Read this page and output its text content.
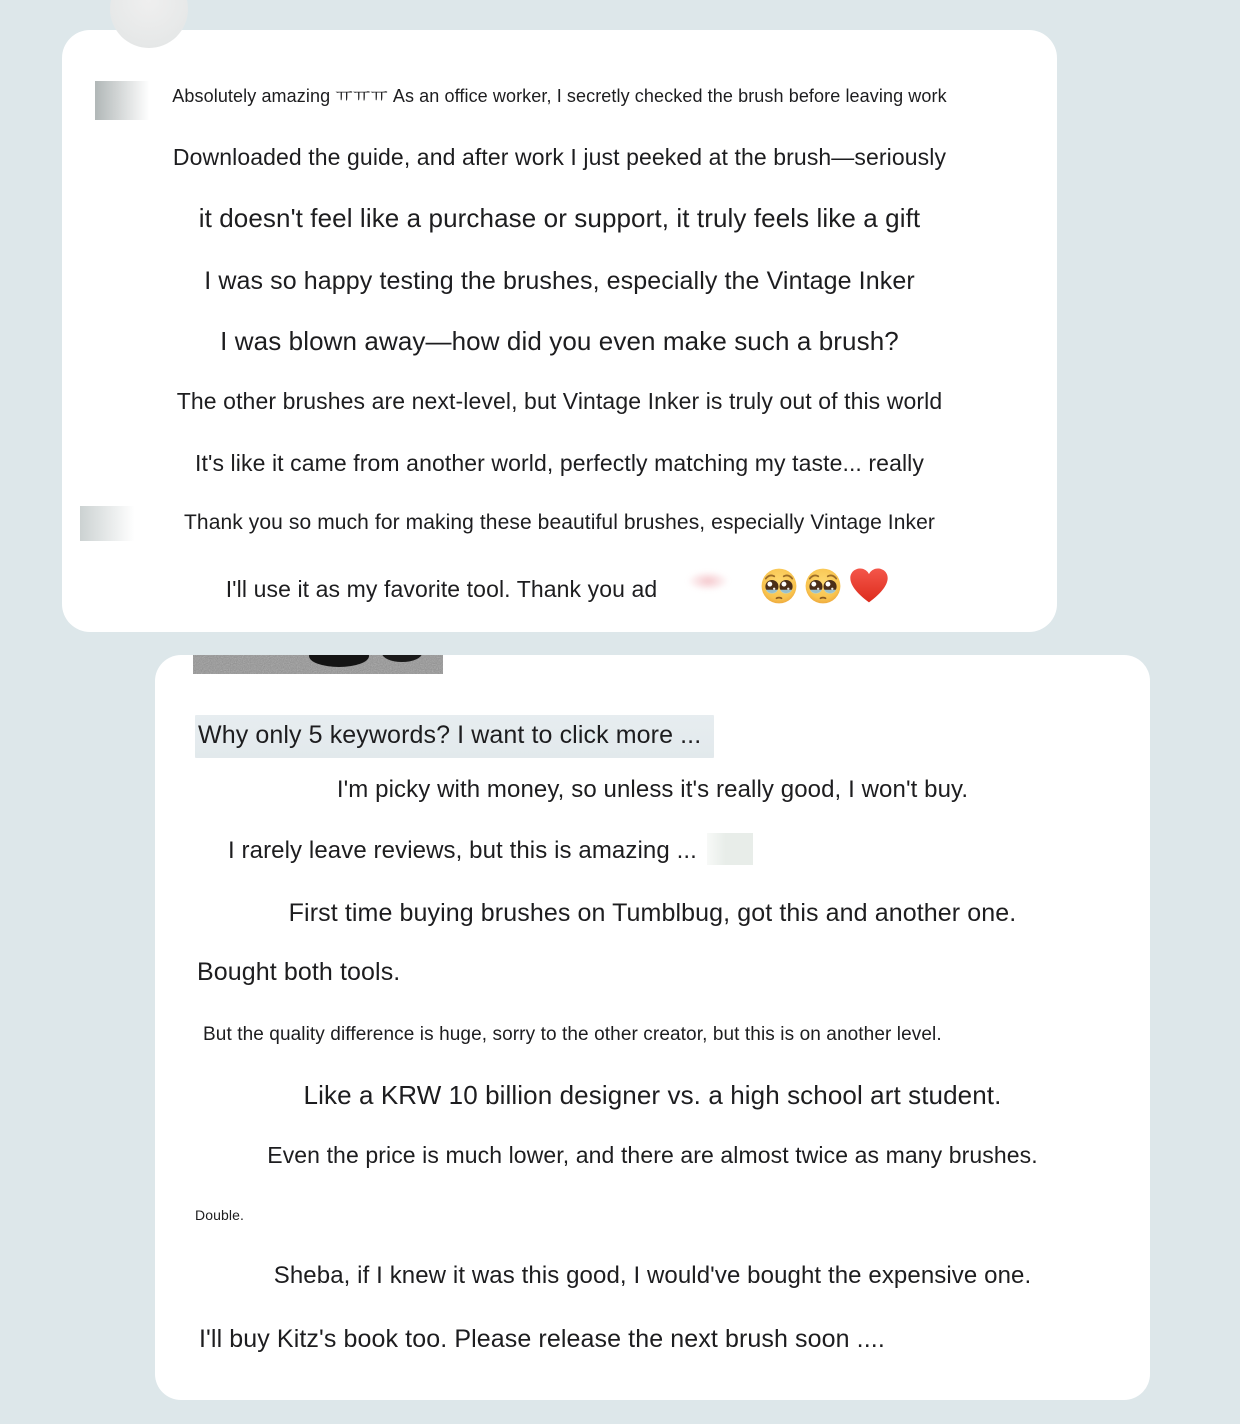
Absolutely amazing ㅠㅠㅠ As an office worker, I secretly checked the brush before leaving work
Downloaded the guide, and after work I just peeked at the brush—seriously
it doesn't feel like a purchase or support, it truly feels like a gift
I was so happy testing the brushes, especially the Vintage Inker
I was blown away—how did you even make such a brush?
The other brushes are next-level, but Vintage Inker is truly out of this world
It's like it came from another world, perfectly matching my taste... really
Thank you so much for making these beautiful brushes, especially Vintage Inker
I'll use it as my favorite tool. Thank you ad
Why only 5 keywords? I want to click more ...
I'm picky with money, so unless it's really good, I won't buy.
I rarely leave reviews, but this is amazing ...
First time buying brushes on Tumblbug, got this and another one.
Bought both tools.
But the quality difference is huge, sorry to the other creator, but this is on another level.
Like a KRW 10 billion designer vs. a high school art student.
Even the price is much lower, and there are almost twice as many brushes.
Double.
Sheba, if I knew it was this good, I would've bought the expensive one.
I'll buy Kitz's book too. Please release the next brush soon ....
